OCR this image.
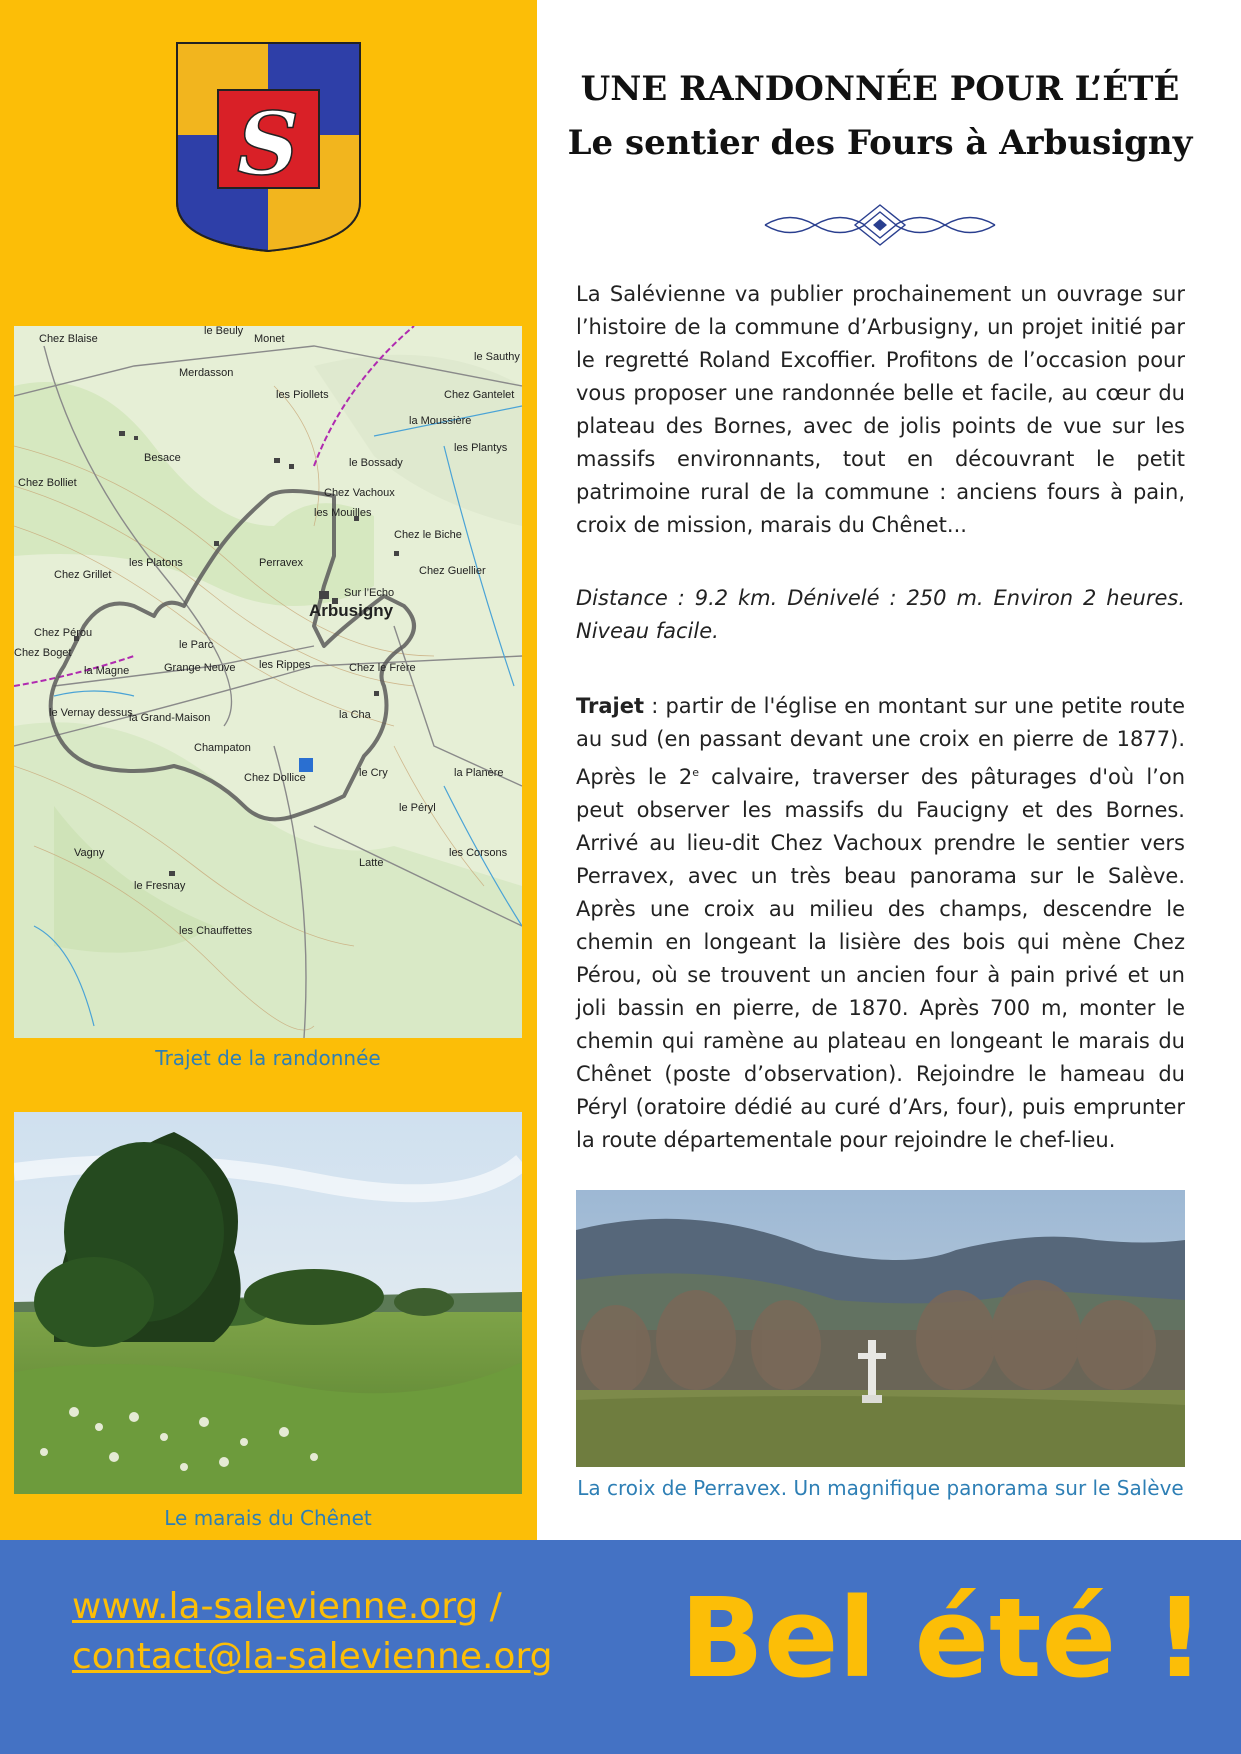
S
Arbusigny
Chez Blaise
le Beuly
Monet
le Sauthy
Merdasson
les Piollets	Chez Gantelet
la Moussière
Besace	le Bossady
les Plantys
Chez Bolliet
Chez Vachoux
les Mouilles
Chez le Biche
Perravex
Chez Grillet
les Platons
Sur l’Echo
Chez Guellier
Chez Pérou
Chez Boget
le Parc
Grange Neuve les Rippes	Chez le Frère
la Magne
le Vernay dessus
la Grand-Maison	la Cha
Champaton
Chez Dollice	le Cry	la Planère
le Péryl
Vagny
le Fresnay
Latte
les Corsons
les Chauffettes
Trajet de la randonnée
Le marais du Chênet
UNE RANDONNÉE POUR L’ÉTÉ
Le sentier des Fours à Arbusigny
La Salévienne va publier prochainement un ouvrage sur l’histoire de la commune d’Arbusigny, un projet initié par le regretté Roland Excoffier. Profitons de l’occasion pour vous proposer une randonnée belle et facile, au cœur du plateau des Bornes, avec de jolis points de vue sur les massifs environnants, tout en découvrant le petit patrimoine rural de la commune : anciens fours à pain, croix de mission, marais du Chênet...
Distance : 9.2 km. Dénivelé : 250 m. Environ 2 heures. Niveau facile.
Trajet : partir de l'église en montant sur une petite route au sud (en passant devant une croix en pierre de 1877). Après le 2e calvaire, traverser des pâturages d'où l’on peut observer les massifs du Faucigny et des Bornes. Arrivé au lieu-dit Chez Vachoux prendre le sentier vers Perravex, avec un très beau panorama sur le Salève. Après une croix au milieu des champs, descendre le chemin en longeant la lisière des bois qui mène Chez Pérou, où se trouvent un ancien four à pain privé et un joli bassin en pierre, de 1870. Après 700 m, monter le chemin qui ramène au plateau en longeant le marais du Chênet (poste d’observation). Rejoindre le hameau du Péryl (oratoire dédié au curé d’Ars, four), puis emprunter la route départementale pour rejoindre le chef-lieu.
La croix de Perravex. Un magnifique panorama sur le Salève
www.la-salevienne.org /
contact@la-salevienne.org Bel été !
